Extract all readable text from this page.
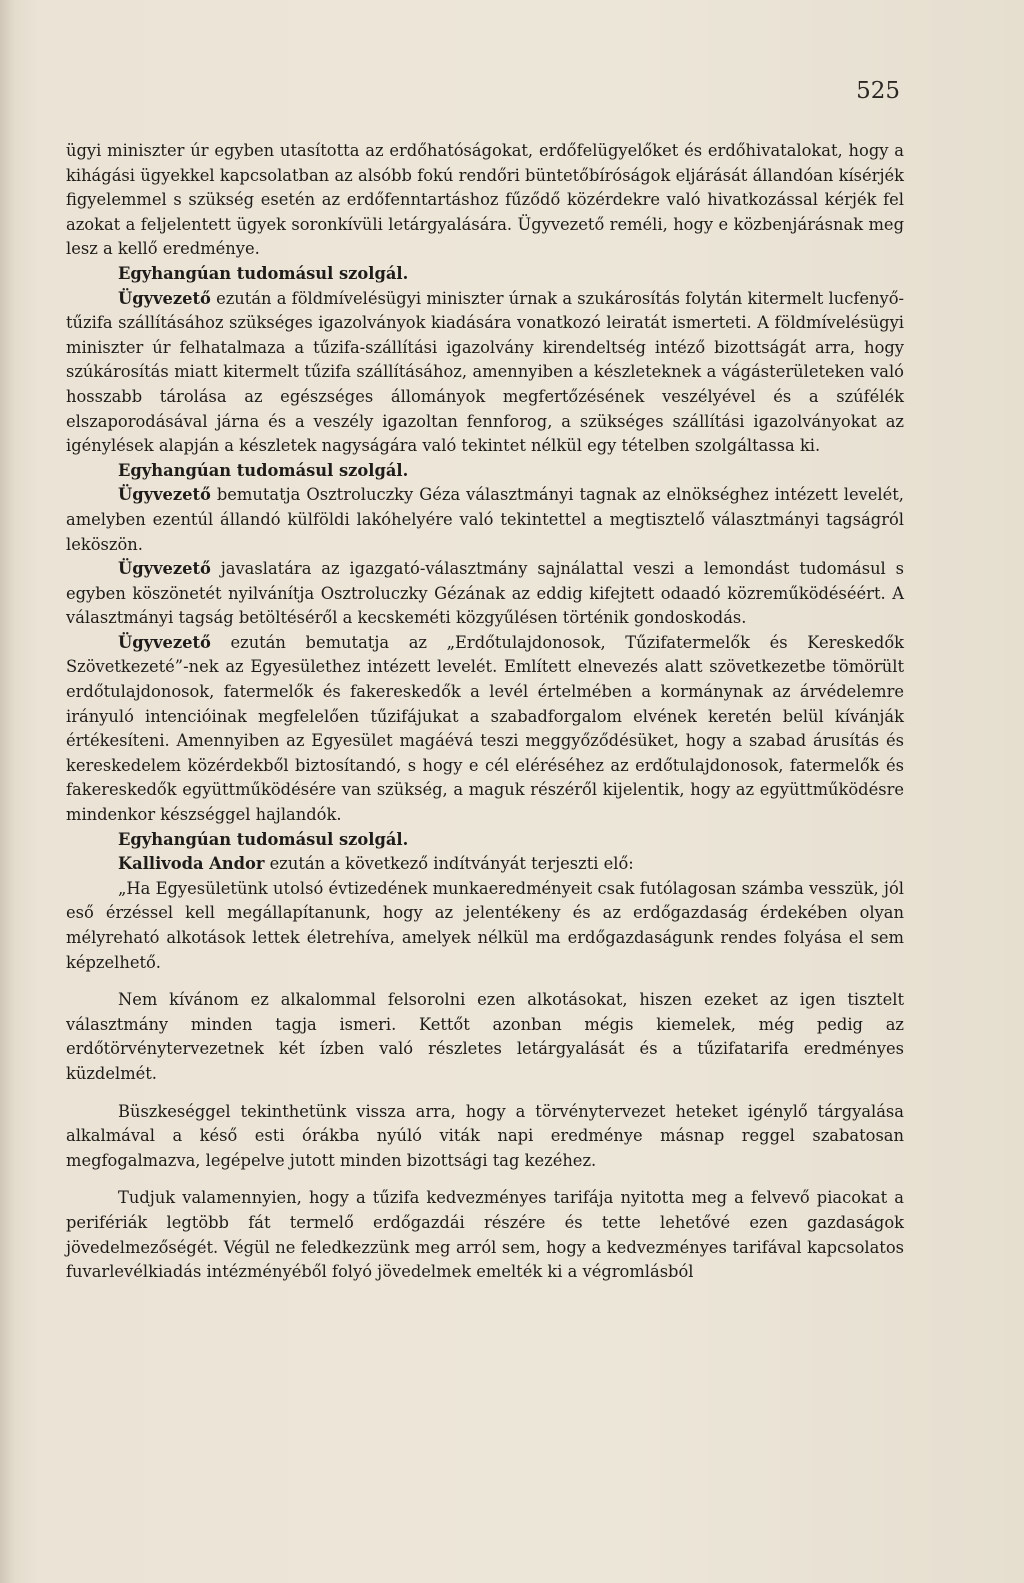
525

ügyi miniszter úr egyben utasította az erdőhatóságokat, erdőfelügyelőket és erdőhivatalokat, hogy a kihágási ügyekkel kapcsolatban az alsóbb fokú rendőri büntetőbíróságok eljárását állandóan kísérjék figyelemmel s szükség esetén az erdőfenntartáshoz fűződő közérdekre való hivatkozással kérjék fel azokat a feljelentett ügyek soronkívüli letárgyalására. Ügyvezető reméli, hogy e közbenjárásnak meg lesz a kellő eredménye.

Egyhangúan tudomásul szolgál.

Ügyvezető ezután a földmívelésügyi miniszter úrnak a szukárosítás folytán kitermelt lucfenyő-tűzifa szállításához szükséges igazolványok kiadására vonatkozó leiratát ismerteti. A földmívelésügyi miniszter úr felhatalmaza a tűzifa-szállítási igazolvány kirendeltség intéző bizottságát arra, hogy szúkárosítás miatt kitermelt tűzifa szállításához, amennyiben a készleteknek a vágásterületeken való hosszabb tárolása az egészséges állományok megfertőzésének veszélyével és a szúfélék elszaporodásával járna és a veszély igazoltan fennforog, a szükséges szállítási igazolványokat az igénylések alapján a készletek nagyságára való tekintet nélkül egy tételben szolgáltassa ki.

Egyhangúan tudomásul szolgál.

Ügyvezető bemutatja Osztroluczky Géza választmányi tagnak az elnökséghez intézett levelét, amelyben ezentúl állandó külföldi lakóhelyére való tekintettel a megtisztelő választmányi tagságról leköszön.

Ügyvezető javaslatára az igazgató-választmány sajnálattal veszi a lemondást tudomásul s egyben köszönetét nyilvánítja Osztroluczky Gézának az eddig kifejtett odaadó közreműködéséért. A választmányi tagság betöltéséről a kecskeméti közgyűlésen történik gondoskodás.

Ügyvezető ezután bemutatja az „Erdőtulajdonosok, Tűzifatermelők és Kereskedők Szövetkezeté”-nek az Egyesülethez intézett levelét. Említett elnevezés alatt szövetkezetbe tömörült erdőtulajdonosok, fatermelők és fakereskedők a levél értelmében a kormánynak az árvédelemre irányuló intencióinak megfelelően tűzifájukat a szabadforgalom elvének keretén belül kívánják értékesíteni. Amennyiben az Egyesület magáévá teszi meggyőződésüket, hogy a szabad árusítás és kereskedelem közérdekből biztosítandó, s hogy e cél eléréséhez az erdőtulajdonosok, fatermelők és fakereskedők együttműködésére van szükség, a maguk részéről kijelentik, hogy az együttműködésre mindenkor készséggel hajlandók.

Egyhangúan tudomásul szolgál.

Kallivoda Andor ezután a következő indítványát terjeszti elő:

„Ha Egyesületünk utolsó évtizedének munkaeredményeit csak futólagosan számba vesszük, jól eső érzéssel kell megállapítanunk, hogy az jelentékeny és az erdőgazdaság érdekében olyan mélyreható alkotások lettek életrehíva, amelyek nélkül ma erdőgazdaságunk rendes folyása el sem képzelhető.

Nem kívánom ez alkalommal felsorolni ezen alkotásokat, hiszen ezeket az igen tisztelt választmány minden tagja ismeri. Kettőt azonban mégis kiemelek, még pedig az erdőtörvénytervezetnek két ízben való részletes letárgyalását és a tűzifatarifa eredményes küzdelmét.

Büszkeséggel tekinthetünk vissza arra, hogy a törvénytervezet heteket igénylő tárgyalása alkalmával a késő esti órákba nyúló viták napi eredménye másnap reggel szabatosan megfogalmazva, legépelve jutott minden bizottsági tag kezéhez.

Tudjuk valamennyien, hogy a tűzifa kedvezményes tarifája nyitotta meg a felvevő piacokat a perifériák legtöbb fát termelő erdőgazdái részére és tette lehetővé ezen gazdaságok jövedelmezőségét. Végül ne feledkezzünk meg arról sem, hogy a kedvezményes tarifával kapcsolatos fuvarlevélkiadás intézményéből folyó jövedelmek emelték ki a végromlásból
